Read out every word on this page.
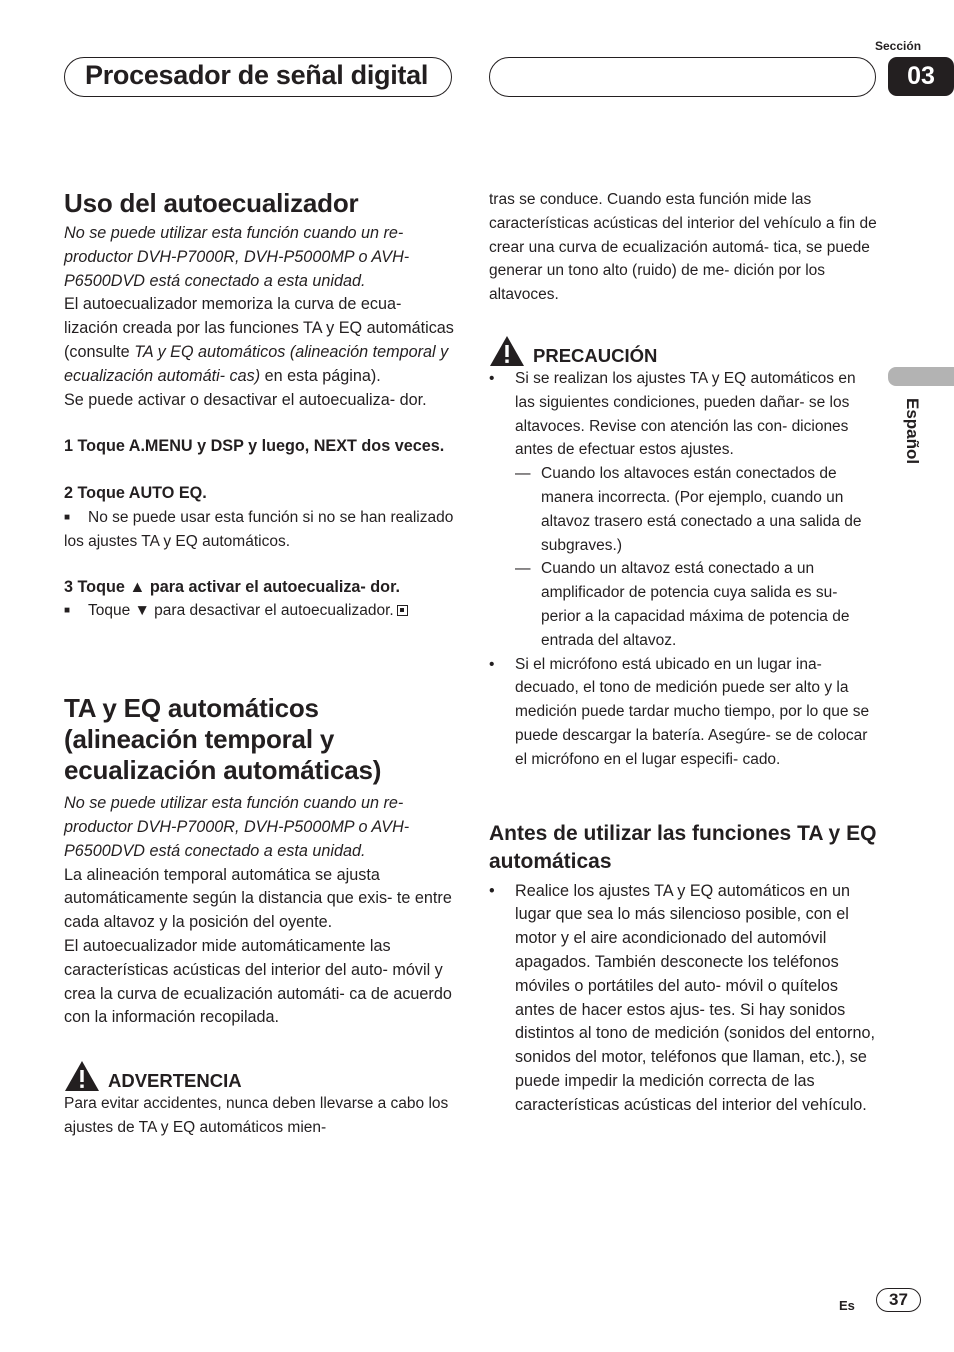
Procesador de señal digital
Sección
03
Español
Uso del autoecualizador

No se puede utilizar esta función cuando un re- productor DVH-P7000R, DVH-P5000MP o AVH- P6500DVD está conectado a esta unidad.

El autoecualizador memoriza la curva de ecua- lización creada por las funciones TA y EQ automáticas (consulte TA y EQ automáticos (alineación temporal y ecualización automáti- cas) en esta página).

Se puede activar o desactivar el autoecualiza- dor.

1 Toque A.MENU y DSP y luego, NEXT dos veces.

2 Toque AUTO EQ.

■ No se puede usar esta función si no se han realizado los ajustes TA y EQ automáticos.

3 Toque ▲ para activar el autoecualiza- dor.

■ Toque ▼ para desactivar el autoecualizador.

TA y EQ automáticos (alineación temporal y ecualización automáticas)

No se puede utilizar esta función cuando un re- productor DVH-P7000R, DVH-P5000MP o AVH- P6500DVD está conectado a esta unidad.

La alineación temporal automática se ajusta automáticamente según la distancia que exis- te entre cada altavoz y la posición del oyente.

El autoecualizador mide automáticamente las características acústicas del interior del auto- móvil y crea la curva de ecualización automáti- ca de acuerdo con la información recopilada.

ADVERTENCIA

Para evitar accidentes, nunca deben llevarse a cabo los ajustes de TA y EQ automáticos mien-

tras se conduce. Cuando esta función mide las características acústicas del interior del vehículo a fin de crear una curva de ecualización automá- tica, se puede generar un tono alto (ruido) de me- dición por los altavoces.

PRECAUCIÓN
• Si se realizan los ajustes TA y EQ automáticos en las siguientes condiciones, pueden dañar- se los altavoces. Revise con atención las con- diciones antes de efectuar estos ajustes.
— Cuando los altavoces están conectados de manera incorrecta. (Por ejemplo, cuando un altavoz trasero está conectado a una salida de subgraves.)
— Cuando un altavoz está conectado a un amplificador de potencia cuya salida es su- perior a la capacidad máxima de potencia de entrada del altavoz.
• Si el micrófono está ubicado en un lugar ina- decuado, el tono de medición puede ser alto y la medición puede tardar mucho tiempo, por lo que se puede descargar la batería. Asegúre- se de colocar el micrófono en el lugar especifi- cado.
Antes de utilizar las funciones TA y EQ automáticas
• Realice los ajustes TA y EQ automáticos en un lugar que sea lo más silencioso posible, con el motor y el aire acondicionado del automóvil apagados. También desconecte los teléfonos móviles o portátiles del auto- móvil o quítelos antes de hacer estos ajus- tes. Si hay sonidos distintos al tono de medición (sonidos del entorno, sonidos del motor, teléfonos que llaman, etc.), se puede impedir la medición correcta de las características acústicas del interior del vehículo.
Es	37
